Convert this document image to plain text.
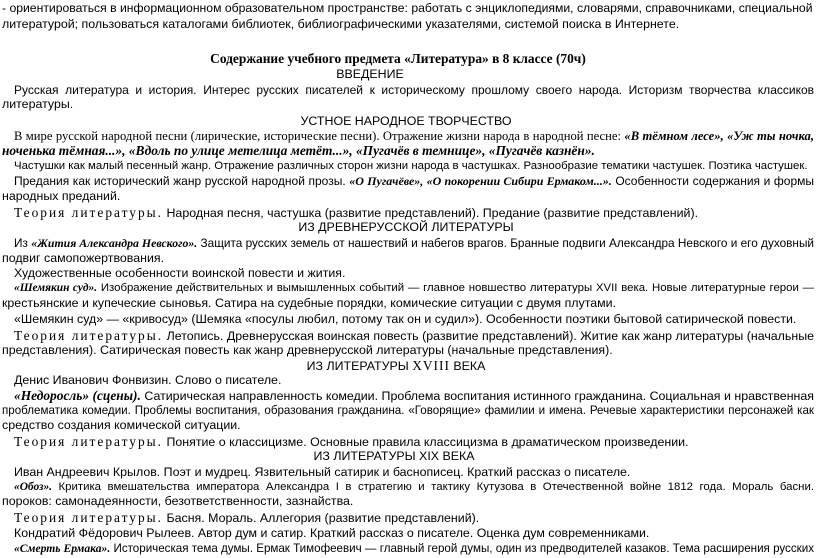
- ориентироваться в информационном образовательном пространстве: работать с энциклопедиями, словарями, справочниками, специальной
литературой; пользоваться каталогами библиотек, библиографическими указателями, системой поиска в Интернете.
Содержание учебного предмета «Литература» в 8 классе (70ч)
ВВЕДЕНИЕ
Русская литература и история. Интерес русских писателей к историческому прошлому своего народа. Историзм творчества классиков
литературы.
УСТНОЕ НАРОДНОЕ ТВОРЧЕСТВО
В мире русской народной песни (лирические, исторические песни). Отражение жизни народа в народной песне: «В тёмном лесе», «Уж ты ночка,
ноченька тёмная...», «Вдоль по улице метелица метёт...», «Пугачёв в темнице», «Пугачёв казнён».
Частушки как малый песенный жанр. Отражение различных сторон жизни народа в частушках. Разнообразие тематики частушек. Поэтика частушек.
Предания как исторический жанр русской народной прозы. «О Пугачёве», «О покорении Сибири Ермаком...». Особенности содержания и формы
народных преданий.
Теория литературы. Народная песня, частушка (развитие представлений). Предание (развитие представлений).
ИЗ ДРЕВНЕРУССКОЙ ЛИТЕРАТУРЫ
Из «Жития Александра Невского». Защита русских земель от нашествий и набегов врагов. Бранные подвиги Александра Невского и его духовный
подвиг самопожертвования.
Художественные особенности воинской повести и жития.
«Шемякин суд». Изображение действительных и вымышленных событий — главное новшество литературы XVII века. Новые литературные герои —
крестьянские и купеческие сыновья. Сатира на судебные порядки, комические ситуации с двумя плутами.
«Шемякин суд» — «кривосуд» (Шемяка «посулы любил, потому так он и судил»). Особенности поэтики бытовой сатирической повести.
Теория литературы. Летопись. Древнерусская воинская повесть (развитие представлений). Житие как жанр литературы (начальные
представления). Сатирическая повесть как жанр древнерусской литературы (начальные представления).
ИЗ ЛИТЕРАТУРЫ XVIII ВЕКА
Денис Иванович Фонвизин. Слово о писателе.
«Недоросль» (сцены). Сатирическая направленность комедии. Проблема воспитания истинного гражданина. Социальная и нравственная
проблематика комедии. Проблемы воспитания, образования гражданина. «Говорящие» фамилии и имена. Речевые характеристики персонажей как
средство создания комической ситуации.
Теория литературы. Понятие о классицизме. Основные правила классицизма в драматическом произведении.
ИЗ ЛИТЕРАТУРЫ XIX ВЕКА
Иван Андреевич Крылов. Поэт и мудрец. Язвительный сатирик и баснописец. Краткий рассказ о писателе.
«Обоз». Критика вмешательства императора Александра I в стратегию и тактику Кутузова в Отечественной войне 1812 года. Мораль басни.
пороков: самонадеянности, безответственности, зазнайства.
Теория литературы. Басня. Мораль. Аллегория (развитие представлений).
Кондратий Фёдорович Рылеев. Автор дум и сатир. Краткий рассказ о писателе. Оценка дум современниками.
«Смерть Ермака». Историческая тема думы. Ермак Тимофеевич — главный герой думы, один из предводителей казаков. Тема расширения русских
